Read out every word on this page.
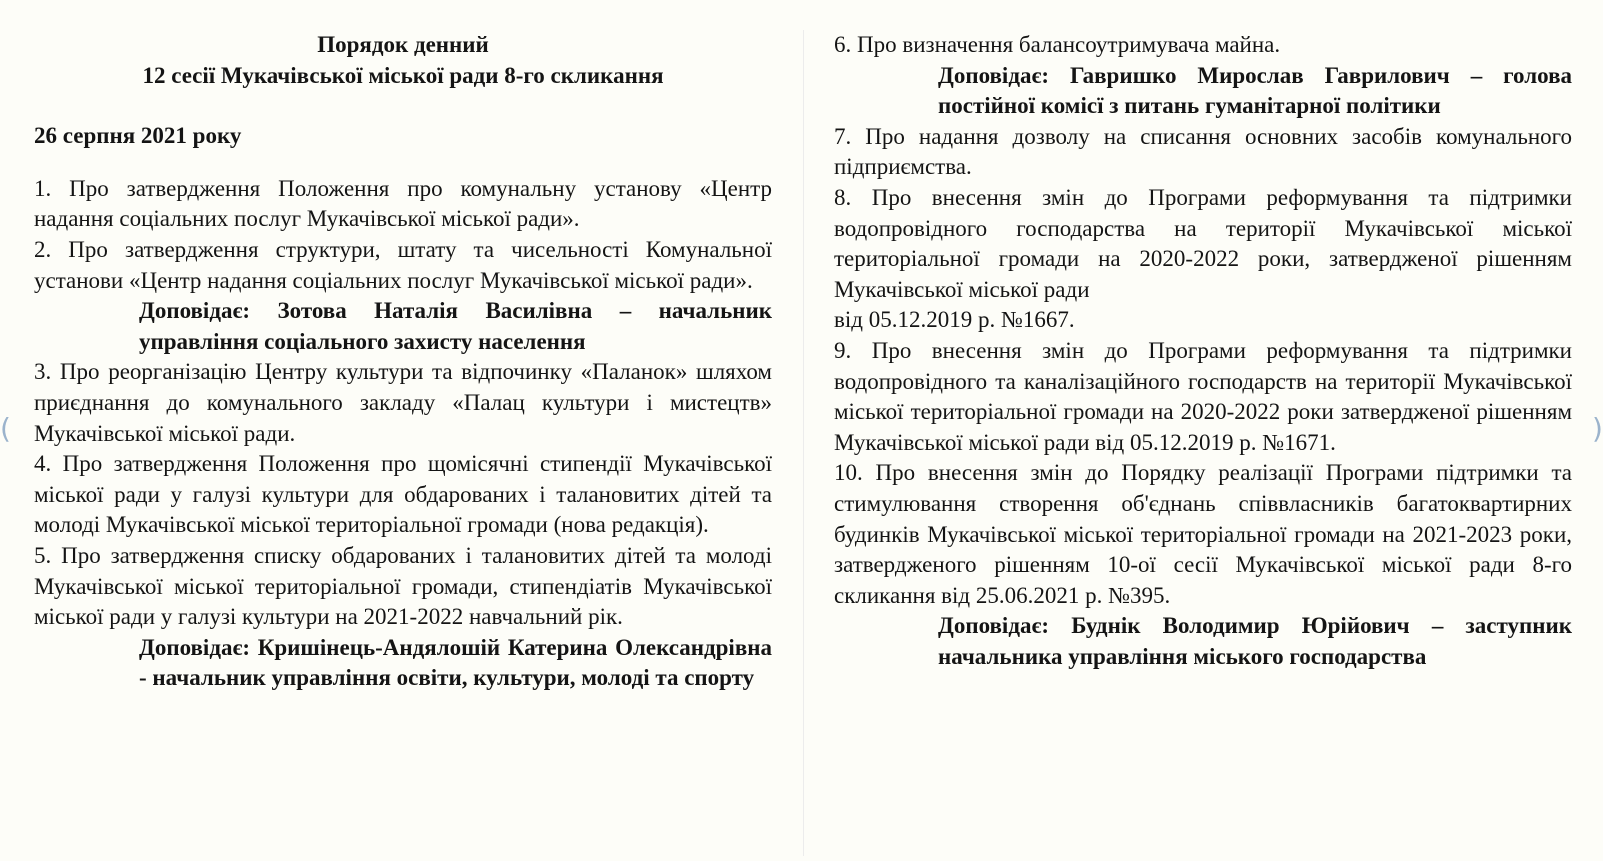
Порядок денний

12 сесії Мукачівської міської ради 8-го скликання

26 серпня 2021 року

1. Про затвердження Положення про комунальну установу «Центр надання соціальних послуг Мукачівської міської ради».

2. Про затвердження структури, штату та чисельності Комунальної установи «Центр надання соціальних послуг Мукачівської міської ради».

Доповідає: Зотова Наталія Василівна – начальник управління соціального захисту населення

3. Про реорганізацію Центру культури та відпочинку «Паланок» шляхом приєднання до комунального закладу «Палац культури і мистецтв» Мукачівської міської ради.

4. Про затвердження Положення про щомісячні стипендії Мукачівської міської ради у галузі культури для обдарованих і талановитих дітей та молоді Мукачівської міської територіальної громади (нова редакція).

5. Про затвердження списку обдарованих і талановитих дітей та молоді Мукачівської міської територіальної громади, стипендіатів Мукачівської міської ради у галузі культури на 2021-2022 навчальний рік.

Доповідає: Кришінець-Андялошій Катерина Олександрівна - начальник управління освіти, культури, молоді та спорту

6. Про визначення балансоутримувача майна.

Доповідає: Гавришко Мирослав Гаврилович – голова постійної комісї з питань гуманітарної політики

7. Про надання дозволу на списання основних засобів комунального підприємства.

8. Про внесення змін до Програми реформування та підтримки водопровідного господарства на території Мукачівської міської територіальної громади на 2020-2022 роки, затвердженої рішенням Мукачівської міської ради

від 05.12.2019 р. №1667.

9. Про внесення змін до Програми реформування та підтримки водопровідного та каналізаційного господарств на території Мукачівської міської територіальної громади на 2020-2022 роки затвердженої рішенням Мукачівської міської ради від 05.12.2019 р. №1671.

10. Про внесення змін до Порядку реалізації Програми підтримки та стимулювання створення об'єднань співвласників багатоквартирних будинків Мукачівської міської територіальної громади на 2021-2023 роки, затвердженого рішенням 10-ої сесії Мукачівської міської ради 8-го скликання від 25.06.2021 р. №395.

Доповідає: Буднік Володимир Юрійович – заступник начальника управління міського господарства

(	)
